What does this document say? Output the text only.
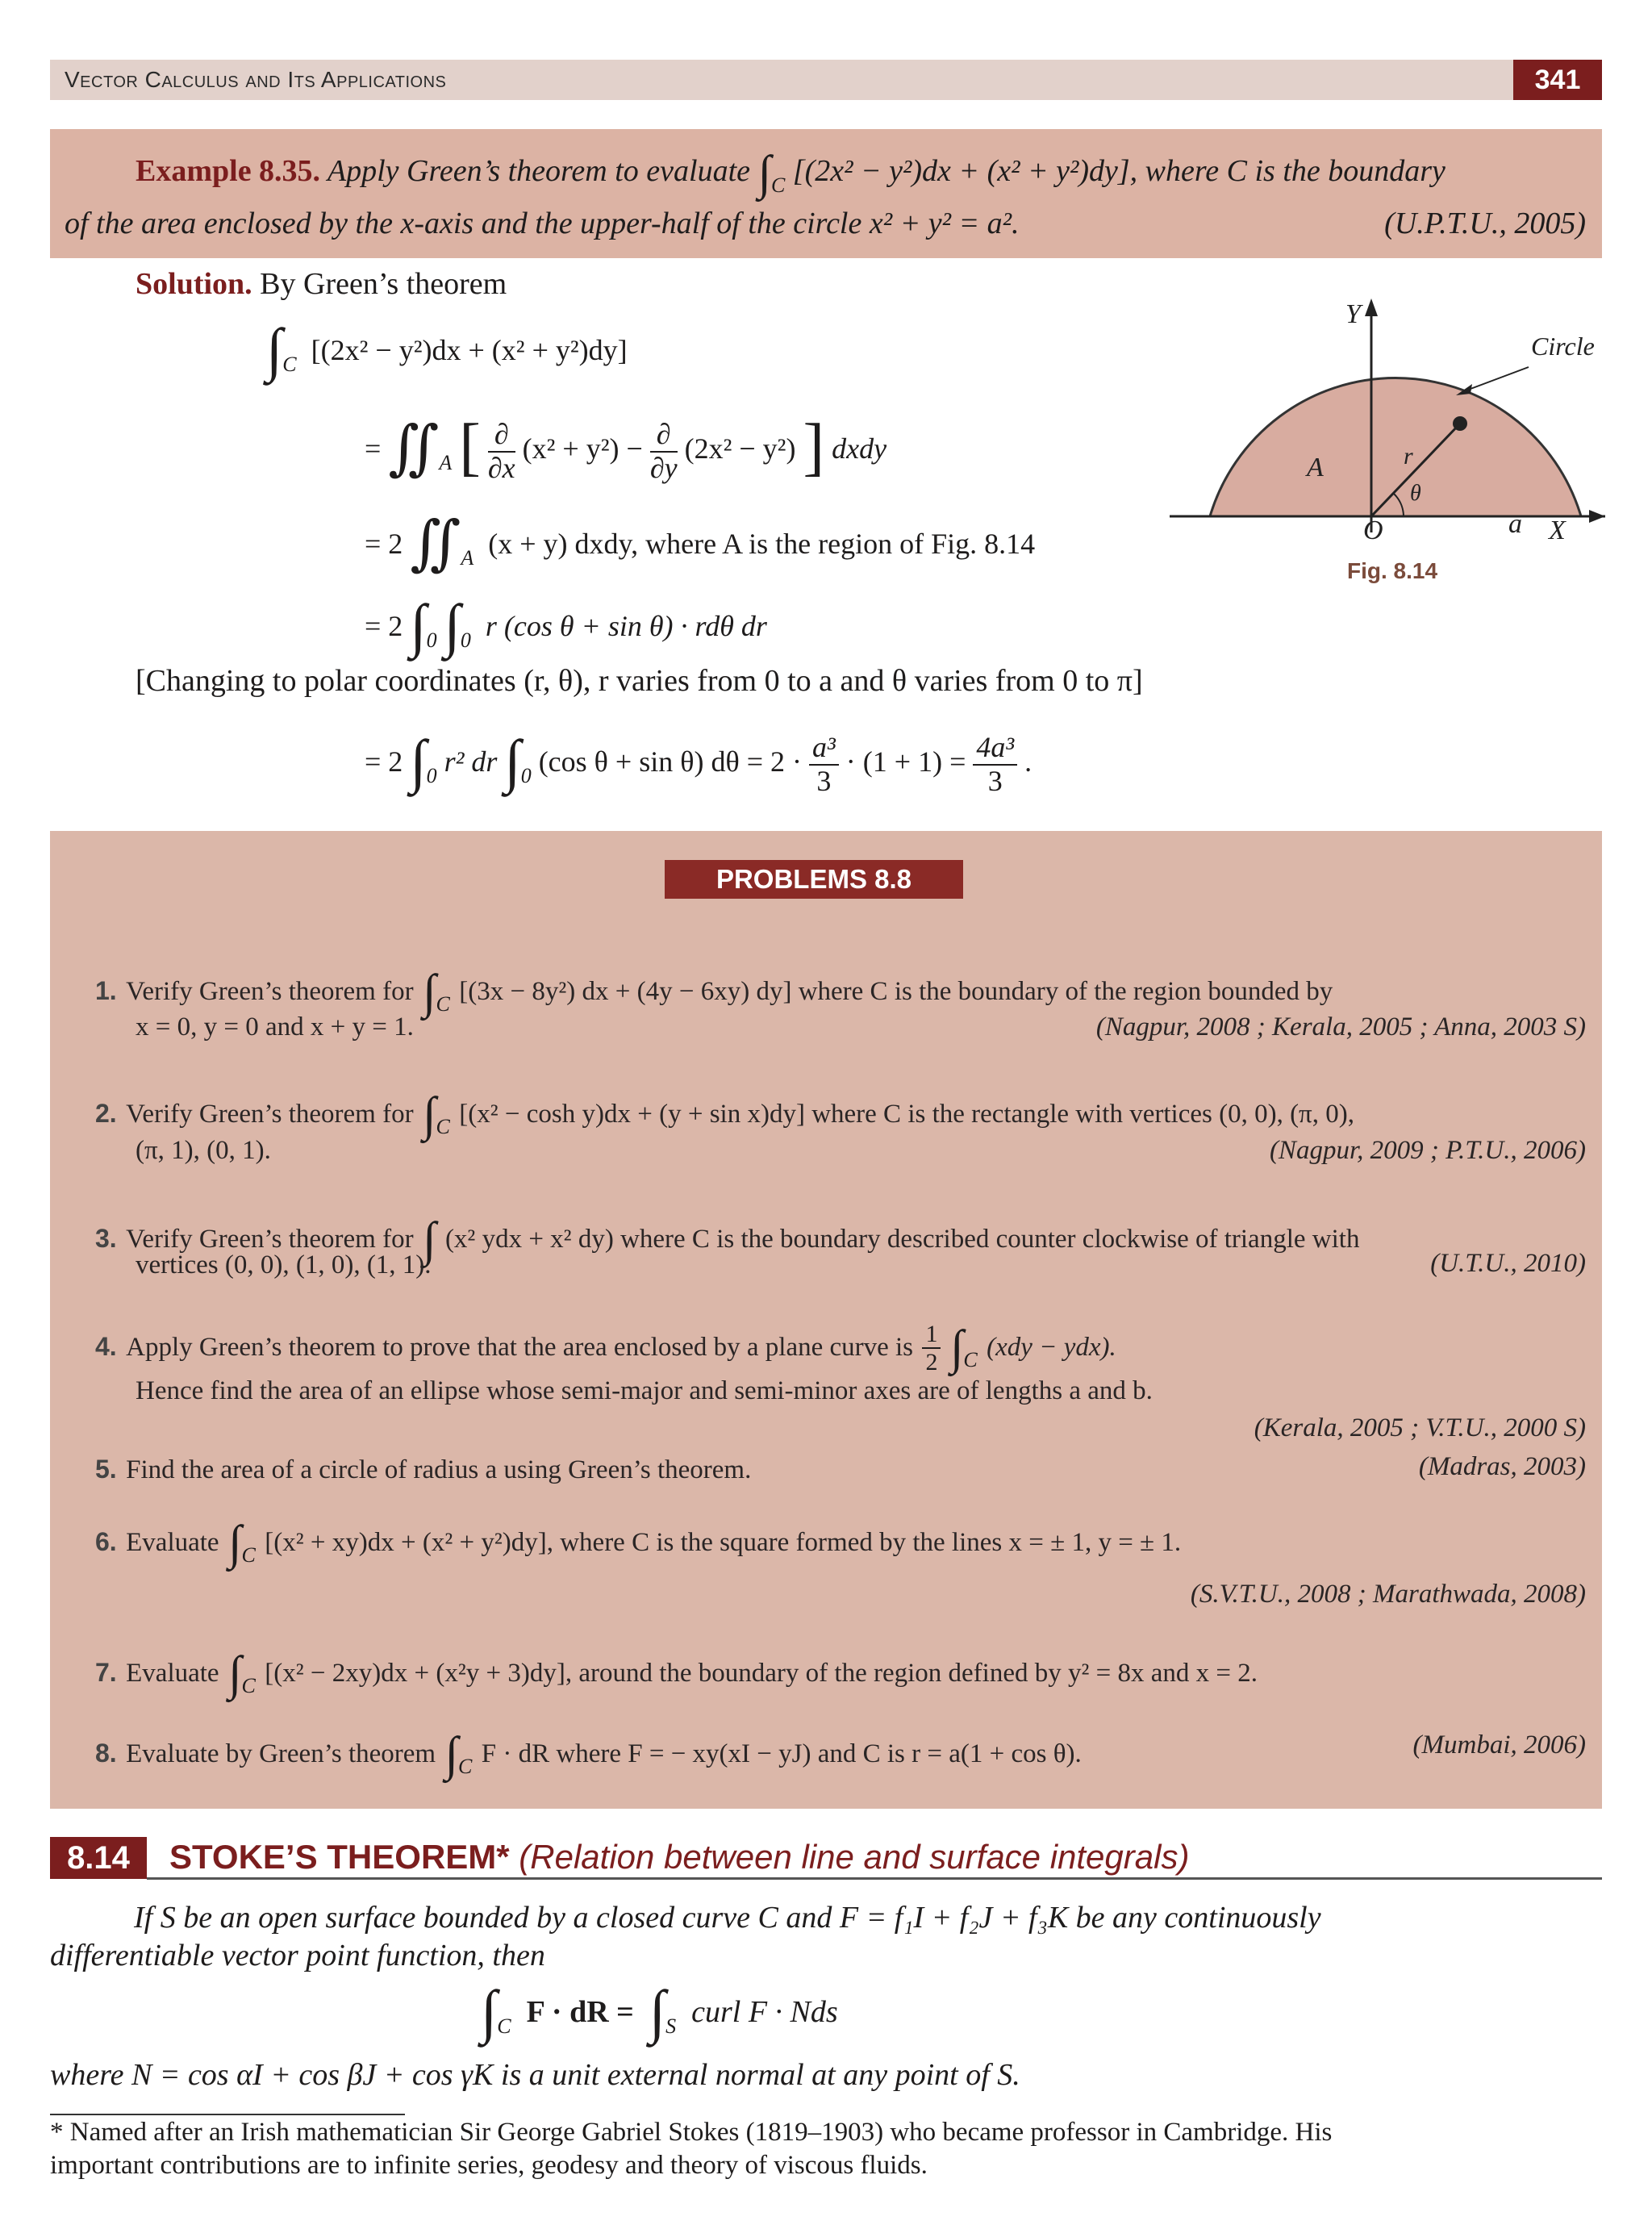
Vector Calculus and Its Applications	341
Example 8.35. Apply Green’s theorem to evaluate $\int_C$ [(2x² − y²)dx + (x² + y²)dy], where C is the boundary
of the area enclosed by the x-axis and the upper-half of the circle x² + y² = a².	(U.P.T.U., 2005)
Solution. By Green’s theorem
$\int_C$ [(2x² − y²)dx + (x² + y²)dy]
= $∬_A$ [ $\frac{\partial}{\partial x} (x^2 + y^2) - \frac{\partial}{\partial y} (2x^2 - y^2)$ ] dxdy
= 2 $∬_A$ (x + y) dxdy, where A is the region of Fig. 8.14
= 2 $\int_0$ $\int_0$ r (cos θ + sin θ) · rdθ dr
[Changing to polar coordinates (r, θ), r varies from 0 to a and θ varies from 0 to π]
= 2 $\int_0$ r² dr $\int_0$ (cos θ + sin θ) $d\theta = 2 \cdot \frac{\text{a³}}{3} \cdot (1 + 1) = \frac{\text{4a³}}{3}$ .
Y
X
O	a
A	r
θ
Circle
Fig. 8.14
PROBLEMS 8.8
1. Verify Green’s theorem for $\int_C$ [(3x − 8y²) dx + (4y − 6xy) dy] where C is the boundary of the region bounded by
x = 0, y = 0 and x + y = 1.	(Nagpur, 2008 ; Kerala, 2005 ; Anna, 2003 S)
2. Verify Green’s theorem for $\int_C$ [(x² − cosh y)dx + (y + sin x)dy] where C is the rectangle with vertices (0, 0), (π, 0),
(π, 1), (0, 1).	(Nagpur, 2009 ; P.T.U., 2006)
3. Verify Green’s theorem for ∫ (x² ydx + x² dy) where C is the boundary described counter clockwise of triangle with
vertices (0, 0), (1, 0), (1, 1).	(U.T.U., 2010)
4. Apply Green’s theorem to prove that the area enclosed by a plane curve is $\frac{1}{2} \int_C$ (xdy − ydx).
Hence find the area of an ellipse whose semi-major and semi-minor axes are of lengths a and b.
(Kerala, 2005 ; V.T.U., 2000 S)
5. Find the area of a circle of radius a using Green’s theorem.	(Madras, 2003)
6. Evaluate $\int_C$ [(x² + xy)dx + (x² + y²)dy], where C is the square formed by the lines x = ± 1, y = ± 1.
(S.V.T.U., 2008 ; Marathwada, 2008)
7. Evaluate $\int_C$ [(x² − 2xy)dx + (x²y + 3)dy], around the boundary of the region defined by y² = 8x and x = 2.
8. Evaluate by Green’s theorem $\int_C$ F · dR where F = − xy(xI − yJ) and C is r = a(1 + cos θ).	(Mumbai, 2006)
8.14	STOKE’S THEOREM* (Relation between line and surface integrals)
If S be an open surface bounded by a closed curve C and F = f₁I + f₂J + f₃K be any continuously
differentiable vector point function, then
$\int_C$ F · dR = $\int_S$ curl F · Nds
where N = cos αI + cos βJ + cos γK is a unit external normal at any point of S.
* Named after an Irish mathematician Sir George Gabriel Stokes (1819–1903) who became professor in Cambridge. His
important contributions are to infinite series, geodesy and theory of viscous fluids.
